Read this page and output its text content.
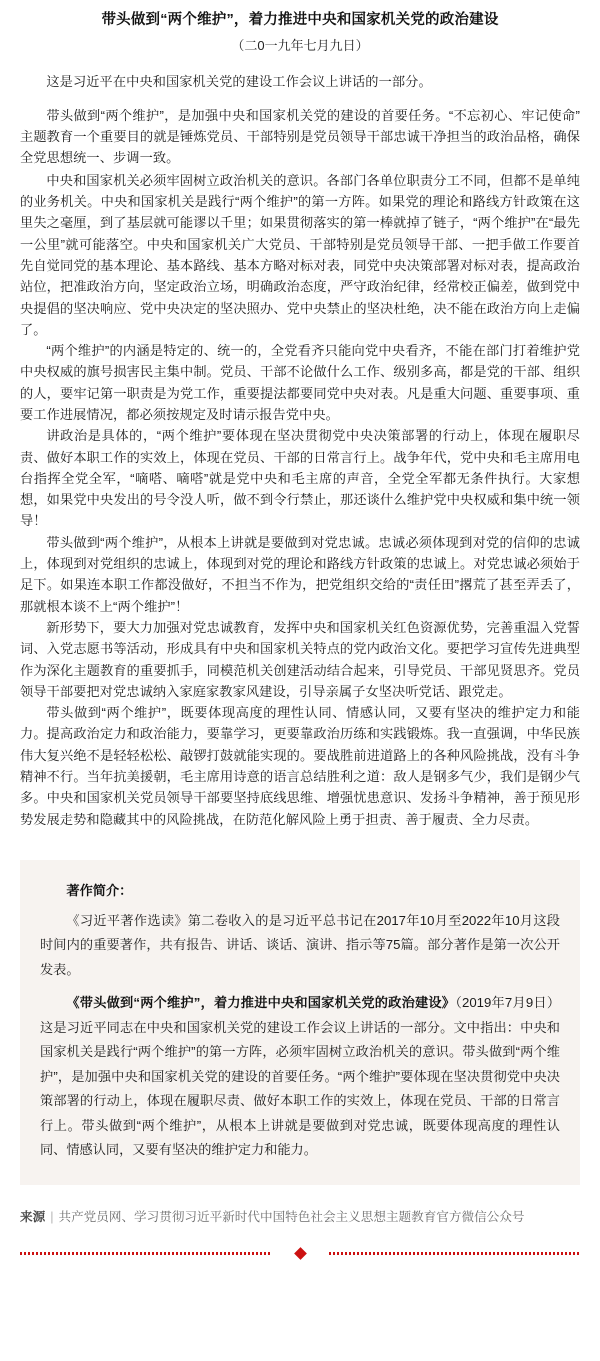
带头做到“两个维护”，着力推进中央和国家机关党的政治建设
（二0一九年七月九日）

这是习近平在中央和国家机关党的建设工作会议上讲话的一部分。

带头做到“两个维护”，是加强中央和国家机关党的建设的首要任务。“不忘初心、牢记使命”主题教育一个重要目的就是锤炼党员、干部特别是党员领导干部忠诚干净担当的政治品格，确保全党思想统一、步调一致。

中央和国家机关必须牢固树立政治机关的意识。各部门各单位职责分工不同，但都不是单纯的业务机关。中央和国家机关是践行“两个维护”的第一方阵。如果党的理论和路线方针政策在这里失之毫厘，到了基层就可能谬以千里；如果贯彻落实的第一棒就掉了链子，“两个维护”在“最先一公里”就可能落空。中央和国家机关广大党员、干部特别是党员领导干部、一把手做工作要首先自觉同党的基本理论、基本路线、基本方略对标对表，同党中央决策部署对标对表，提高政治站位，把准政治方向，坚定政治立场，明确政治态度，严守政治纪律，经常校正偏差，做到党中央提倡的坚决响应、党中央决定的坚决照办、党中央禁止的坚决杜绝，决不能在政治方向上走偏了。

“两个维护”的内涵是特定的、统一的，全党看齐只能向党中央看齐，不能在部门打着维护党中央权威的旗号损害民主集中制。党员、干部不论做什么工作、级别多高，都是党的干部、组织的人，要牢记第一职责是为党工作，重要提法都要同党中央对表。凡是重大问题、重要事项、重要工作进展情况，都必须按规定及时请示报告党中央。

讲政治是具体的，“两个维护”要体现在坚决贯彻党中央决策部署的行动上，体现在履职尽责、做好本职工作的实效上，体现在党员、干部的日常言行上。战争年代，党中央和毛主席用电台指挥全党全军，“嘀嗒、嘀嗒”就是党中央和毛主席的声音，全党全军都无条件执行。大家想想，如果党中央发出的号令没人听，做不到令行禁止，那还谈什么维护党中央权威和集中统一领导！

带头做到“两个维护”，从根本上讲就是要做到对党忠诚。忠诚必须体现到对党的信仰的忠诚上，体现到对党组织的忠诚上，体现到对党的理论和路线方针政策的忠诚上。对党忠诚必须始于足下。如果连本职工作都没做好，不担当不作为，把党组织交给的“责任田”撂荒了甚至弄丢了，那就根本谈不上“两个维护”！

新形势下，要大力加强对党忠诚教育，发挥中央和国家机关红色资源优势，完善重温入党誓词、入党志愿书等活动，形成具有中央和国家机关特点的党内政治文化。要把学习宣传先进典型作为深化主题教育的重要抓手，同模范机关创建活动结合起来，引导党员、干部见贤思齐。党员领导干部要把对党忠诚纳入家庭家教家风建设，引导亲属子女坚决听党话、跟党走。

带头做到“两个维护”，既要体现高度的理性认同、情感认同，又要有坚决的维护定力和能力。提高政治定力和政治能力，要靠学习，更要靠政治历练和实践锻炼。我一直强调，中华民族伟大复兴绝不是轻轻松松、敲锣打鼓就能实现的。要战胜前进道路上的各种风险挑战，没有斗争精神不行。当年抗美援朝，毛主席用诗意的语言总结胜利之道：敌人是钢多气少，我们是钢少气多。中央和国家机关党员领导干部要坚持底线思维、增强忧患意识、发扬斗争精神，善于预见形势发展走势和隐藏其中的风险挑战，在防范化解风险上勇于担责、善于履责、全力尽责。

著作简介：

《习近平著作选读》第二卷收入的是习近平总书记在2017年10月至2022年10月这段时间内的重要著作，共有报告、讲话、谈话、演讲、指示等75篇。部分著作是第一次公开发表。

《带头做到“两个维护”，着力推进中央和国家机关党的政治建设》（2019年7月9日）这是习近平同志在中央和国家机关党的建设工作会议上讲话的一部分。文中指出：中央和国家机关是践行“两个维护”的第一方阵，必须牢固树立政治机关的意识。带头做到“两个维护”，是加强中央和国家机关党的建设的首要任务。“两个维护”要体现在坚决贯彻党中央决策部署的行动上，体现在履职尽责、做好本职工作的实效上，体现在党员、干部的日常言行上。带头做到“两个维护”，从根本上讲就是要做到对党忠诚，既要体现高度的理性认同、情感认同，又要有坚决的维护定力和能力。

来源 | 共产党员网、学习贯彻习近平新时代中国特色社会主义思想主题教育官方微信公众号
